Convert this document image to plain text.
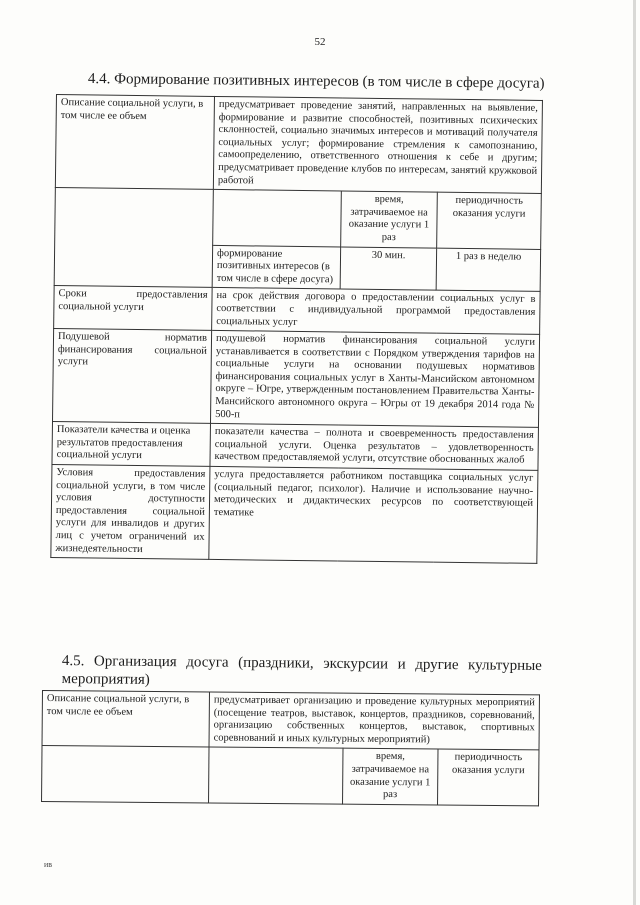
52
4.4. Формирование позитивных интересов (в том числе в сфере досуга)
Описание социальной услуги, в том числе ее объем	предусматривает проведение занятий, направленных на выявление, формирование и развитие способностей, позитивных психических склонностей, социально значимых интересов и мотиваций получателя социальных услуг; формирование стремления к самопознанию, самоопределению, ответственного отношения к себе и другим; предусматривает проведение клубов по интересам, занятий кружковой работой		
		время, затрачиваемое на оказание услуги 1 раз	периодичность оказания услуги
	формирование позитивных интересов (в том числе в сфере досуга)	30 мин.	1 раз в неделю
Сроки предоставления социальной услуги	на срок действия договора о предоставлении социальных услуг в соответствии с индивидуальной программой предоставления социальных услуг		
Подушевой норматив финансирования социальной услуги	подушевой норматив финансирования социальной услуги устанавливается в соответствии с Порядком утверждения тарифов на социальные услуги на основании подушевых нормативов финансирования социальных услуг в Ханты-Мансийском автономном округе – Югре, утвержденным постановлением Правительства Ханты-Мансийского автономного округа – Югры от 19 декабря 2014 года № 500-п		
Показатели качества и оценка результатов предоставления социальной услуги	показатели качества – полнота и своевременность предоставления социальной услуги. Оценка результатов – удовлетворенность качеством предоставляемой услуги, отсутствие обоснованных жалоб		
Условия предоставления социальной услуги, в том числе условия доступности предоставления социальной услуги для инвалидов и других лиц с учетом ограничений их жизнедеятельности	услуга предоставляется работником поставщика социальных услуг (социальный педагог, психолог). Наличие и использование научно-методических и дидактических ресурсов по соответствующей тематике		
4.5. Организация досуга (праздники, экскурсии и другие культурные мероприятия)
Описание социальной услуги, в том числе ее объем	предусматривает организацию и проведение культурных мероприятий (посещение театров, выставок, концертов, праздников, соревнований, организацию собственных концертов, выставок, спортивных соревнований и иных культурных мероприятий)		
		время, затрачиваемое на оказание услуги 1 раз	периодичность оказания услуги
ив
